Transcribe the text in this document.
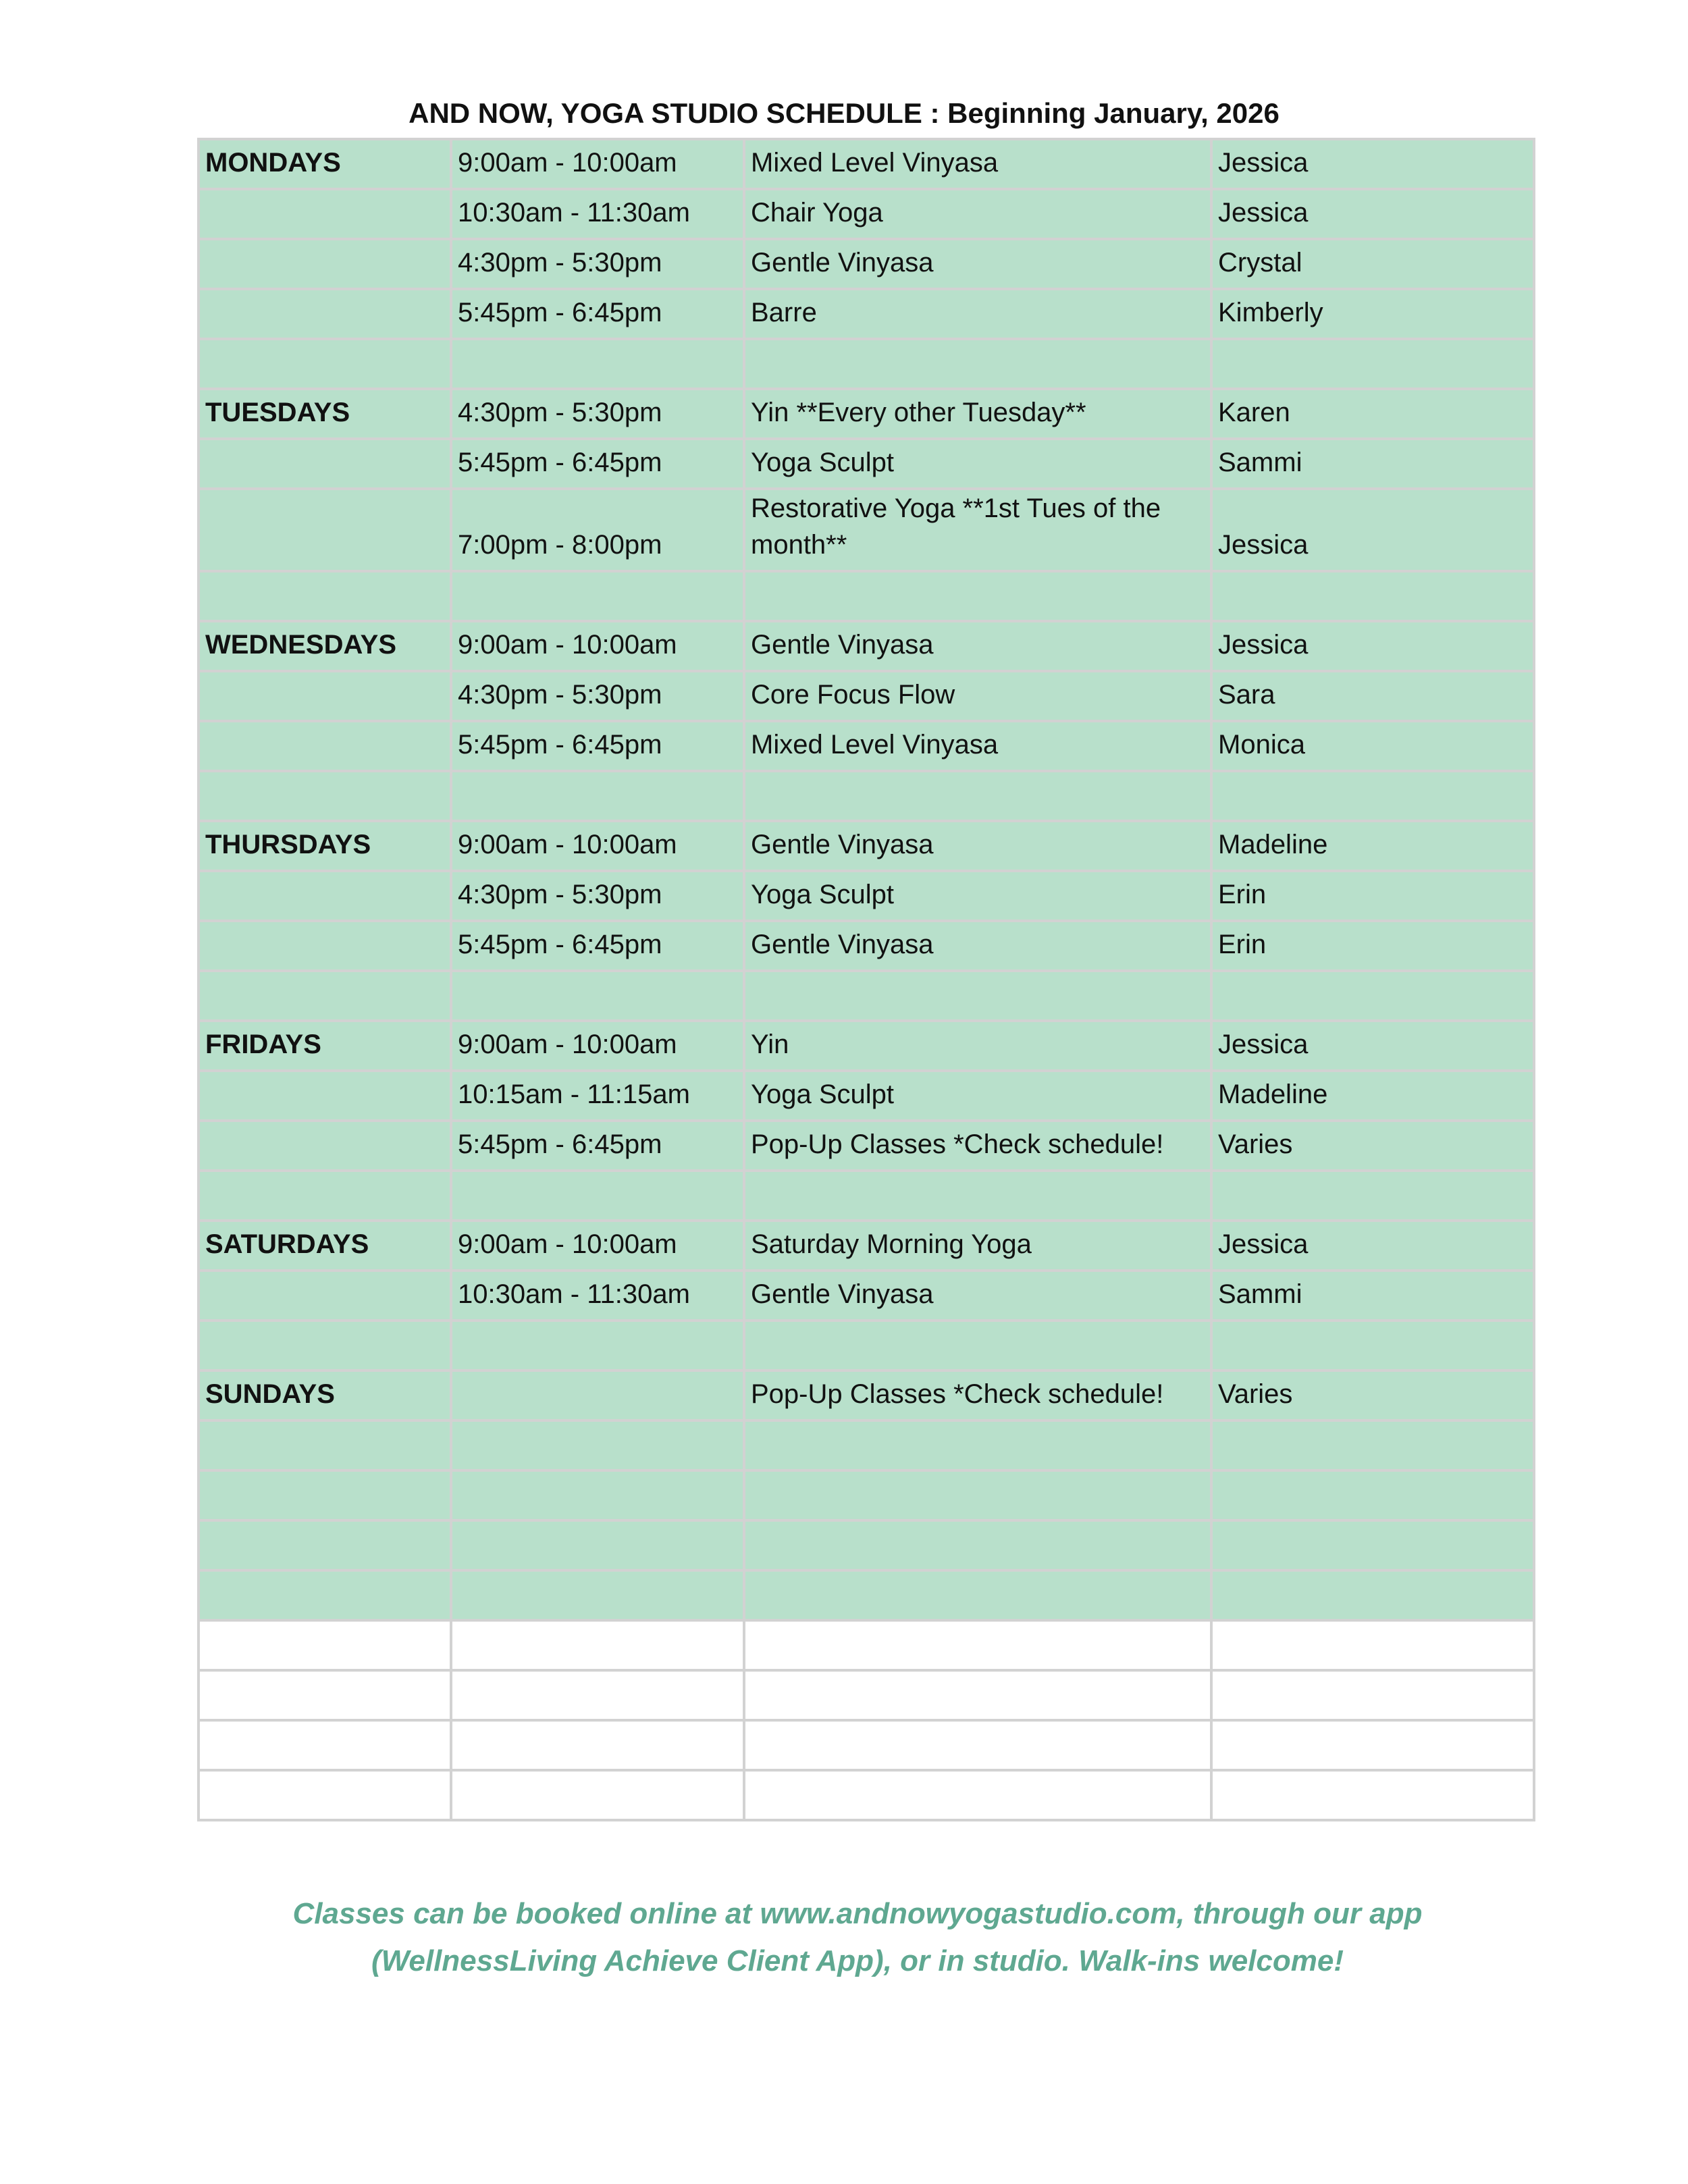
AND NOW, YOGA STUDIO SCHEDULE : Beginning January, 2026
MONDAYS	9:00am - 10:00am	Mixed Level Vinyasa	Jessica
	10:30am - 11:30am	Chair Yoga	Jessica
	4:30pm - 5:30pm	Gentle Vinyasa	Crystal
	5:45pm - 6:45pm	Barre	Kimberly

TUESDAYS	4:30pm - 5:30pm	Yin **Every other Tuesday**	Karen
	5:45pm - 6:45pm	Yoga Sculpt	Sammi
	7:00pm - 8:00pm	Restorative Yoga **1st Tues of the month**	Jessica

WEDNESDAYS	9:00am - 10:00am	Gentle Vinyasa	Jessica
	4:30pm - 5:30pm	Core Focus Flow	Sara
	5:45pm - 6:45pm	Mixed Level Vinyasa	Monica

THURSDAYS	9:00am - 10:00am	Gentle Vinyasa	Madeline
	4:30pm - 5:30pm	Yoga Sculpt	Erin
	5:45pm - 6:45pm	Gentle Vinyasa	Erin

FRIDAYS	9:00am - 10:00am	Yin	Jessica
	10:15am - 11:15am	Yoga Sculpt	Madeline
	5:45pm - 6:45pm	Pop-Up Classes *Check schedule!	Varies

SATURDAYS	9:00am - 10:00am	Saturday Morning Yoga	Jessica
	10:30am - 11:30am	Gentle Vinyasa	Sammi

SUNDAYS		Pop-Up Classes *Check schedule!	Varies

Classes can be booked online at www.andnowyogastudio.com, through our app
(WellnessLiving Achieve Client App), or in studio. Walk-ins welcome!
